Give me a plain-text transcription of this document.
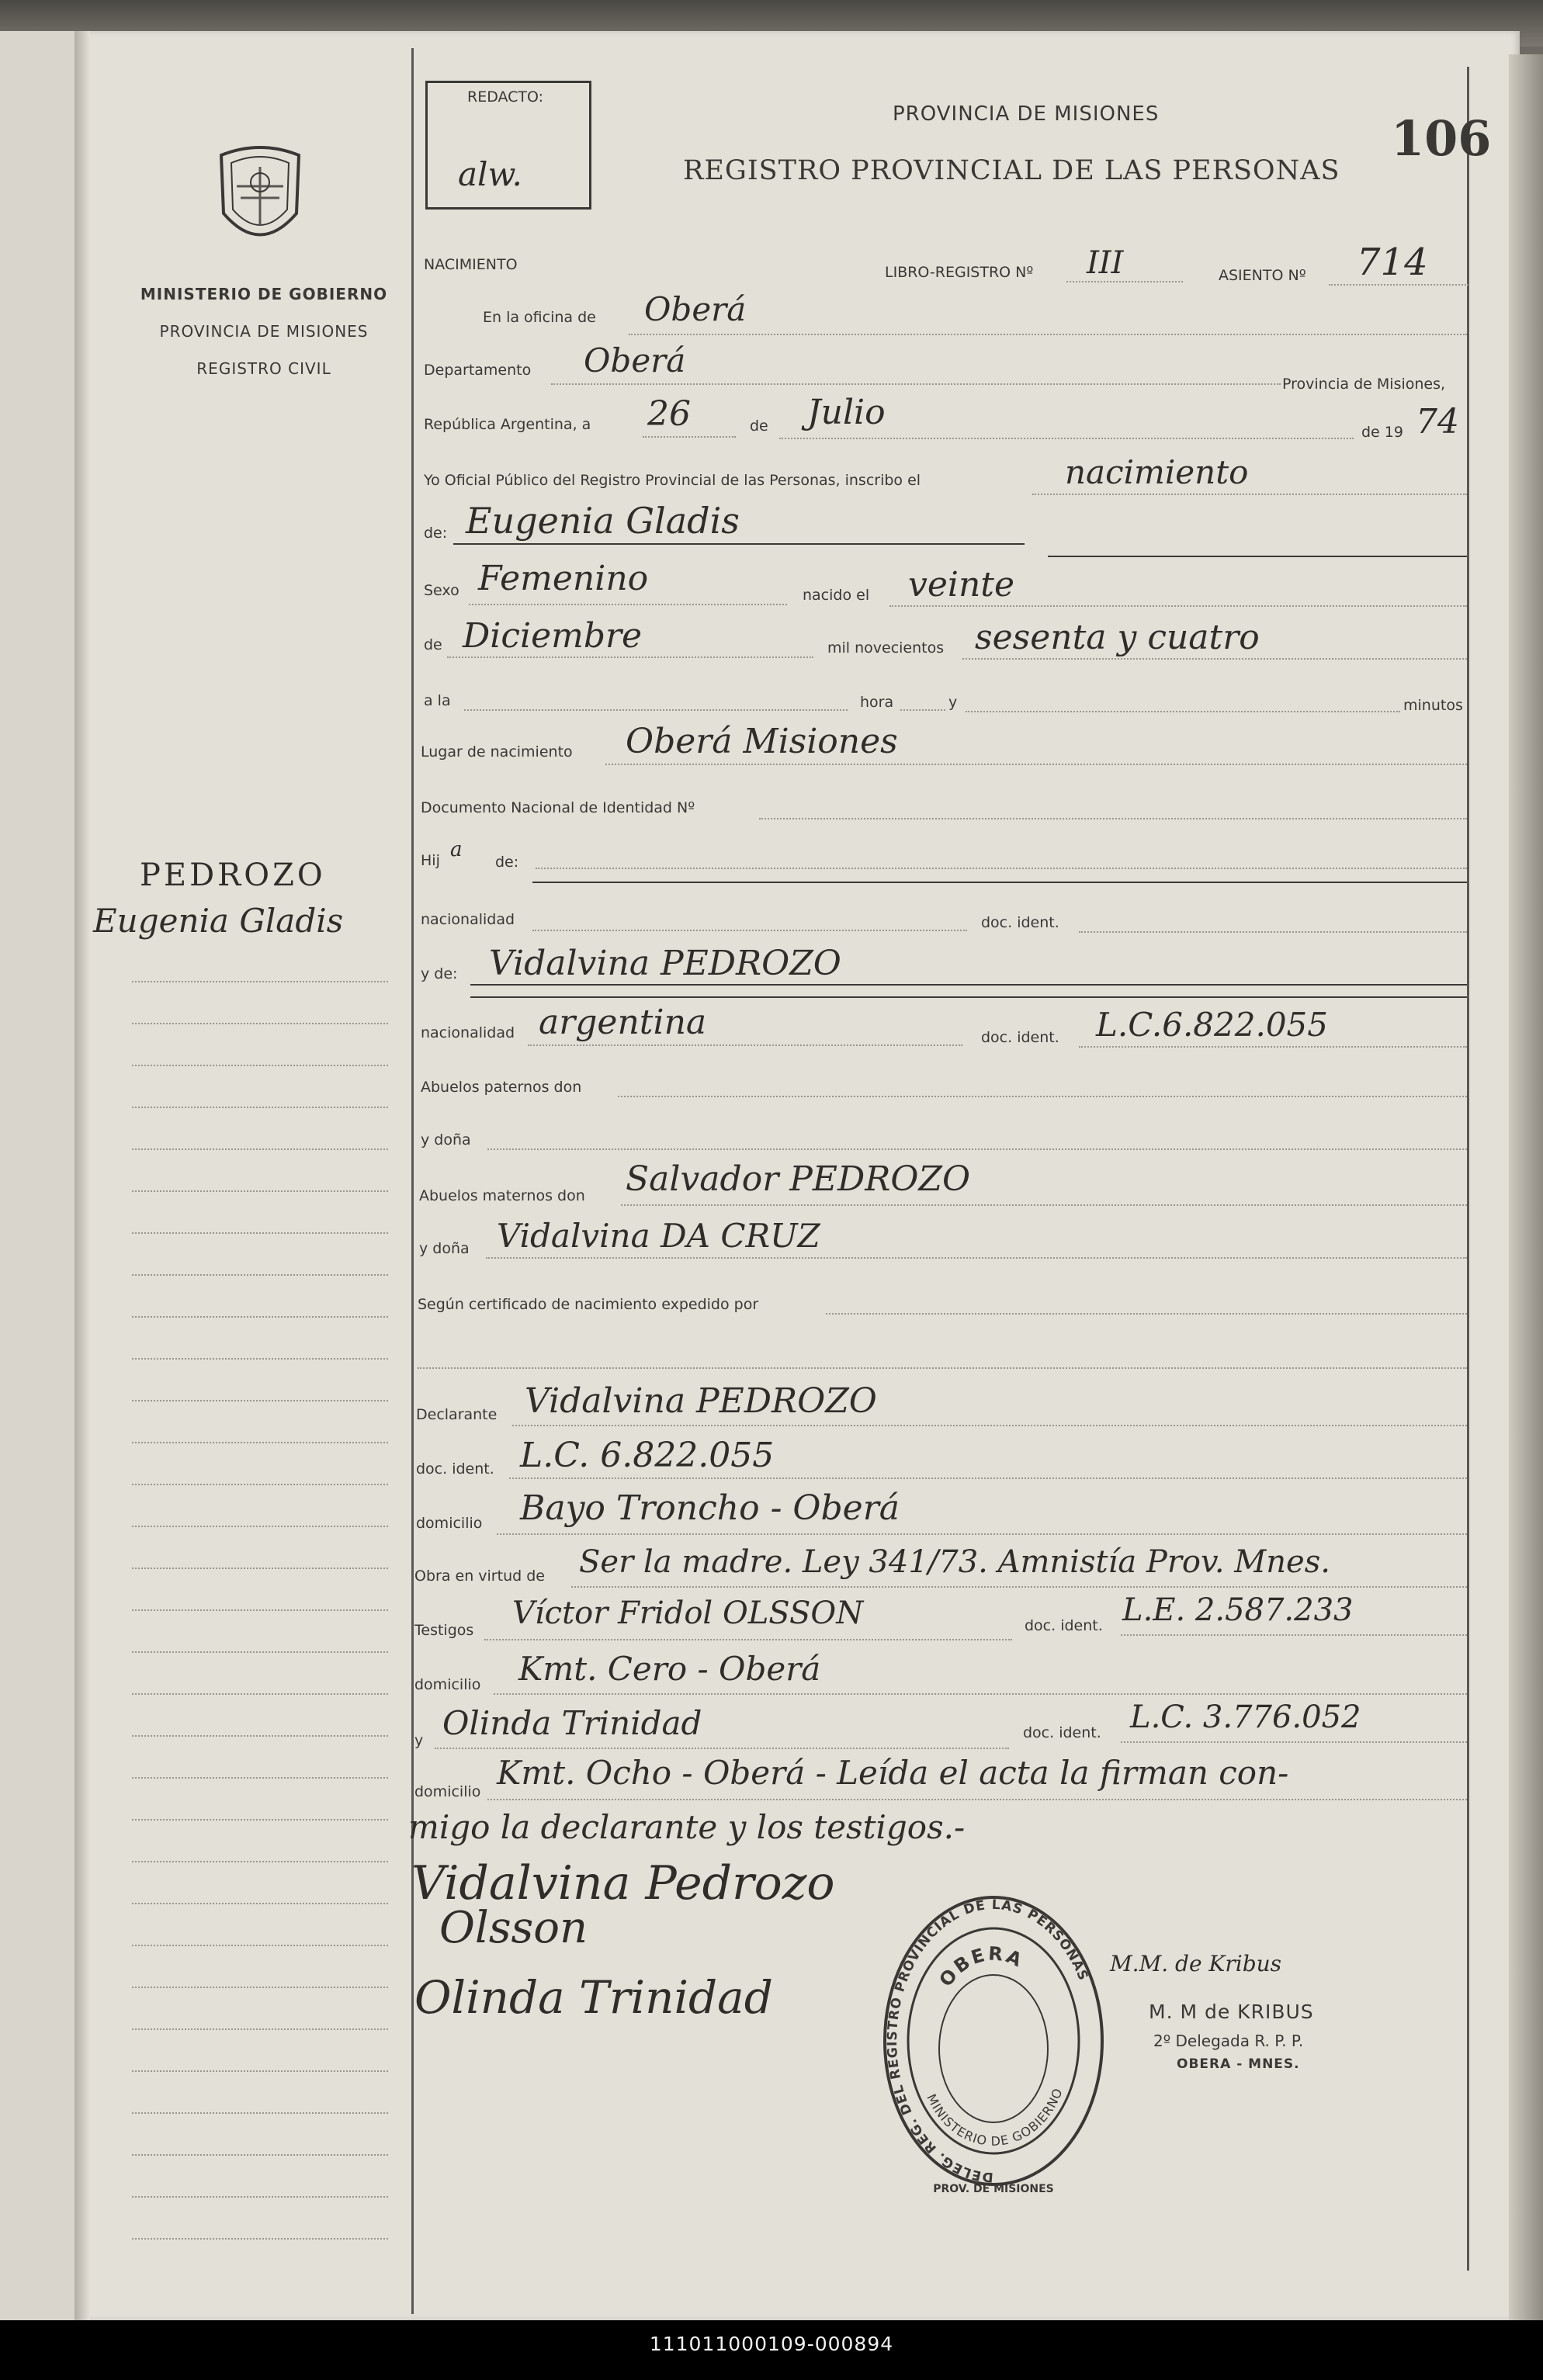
MINISTERIO DE GOBIERNO
PROVINCIA DE MISIONES
REGISTRO CIVIL
PEDROZO
Eugenia Gladis
REDACTO:
alw.
PROVINCIA DE MISIONES
REGISTRO PROVINCIAL DE LAS PERSONAS
106
NACIMIENTO	LIBRO-REGISTRO Nº III	ASIENTO Nº 714
En la oficina de Oberá
Departamento Oberá
Provincia de Misiones,
República Argentina, a 26	de Julio	de 19 74
Yo Oficial Público del Registro Provincial de las Personas, inscribo el	nacimiento
de: Eugenia Gladis
Sexo Femenino	nacido el veinte
de Diciembre	mil novecientos sesenta y cuatro
a la	hora	y	minutos
Lugar de nacimiento Oberá Misiones
Documento Nacional de Identidad Nº
Hij a
de:
nacionalidad	doc. ident.
y de: Vidalvina PEDROZO
nacionalidad argentina	doc. ident. L.C.6.822.055
Abuelos paternos don
y doña
Abuelos maternos don Salvador PEDROZO
y doña Vidalvina DA CRUZ
Según certificado de nacimiento expedido por
Declarante Vidalvina PEDROZO
doc. ident. L.C. 6.822.055
domicilio Bayo Troncho - Oberá
Obra en virtud de Ser la madre. Ley 341/73. Amnistía Prov. Mnes.
Testigos Víctor Fridol OLSSON	doc. ident. L.E. 2.587.233
domicilio Kmt. Cero - Oberá
y Olinda Trinidad	doc. ident. L.C. 3.776.052
domicilio Kmt. Ocho - Oberá - Leída el acta la firman con-
migo la declarante y los testigos.-
Vidalvina Pedrozo
Olsson
Olinda Trinidad
DELEG. REG. DEL REGISTRO PROVINCIAL DE LAS PERSONAS
OBERA
MINISTERIO DE GOBIERNO
PROV. DE MISIONES
M.M. de Kribus
M. M de KRIBUS
2º Delegada R. P. P.
OBERA - MNES.
111011000109-000894
